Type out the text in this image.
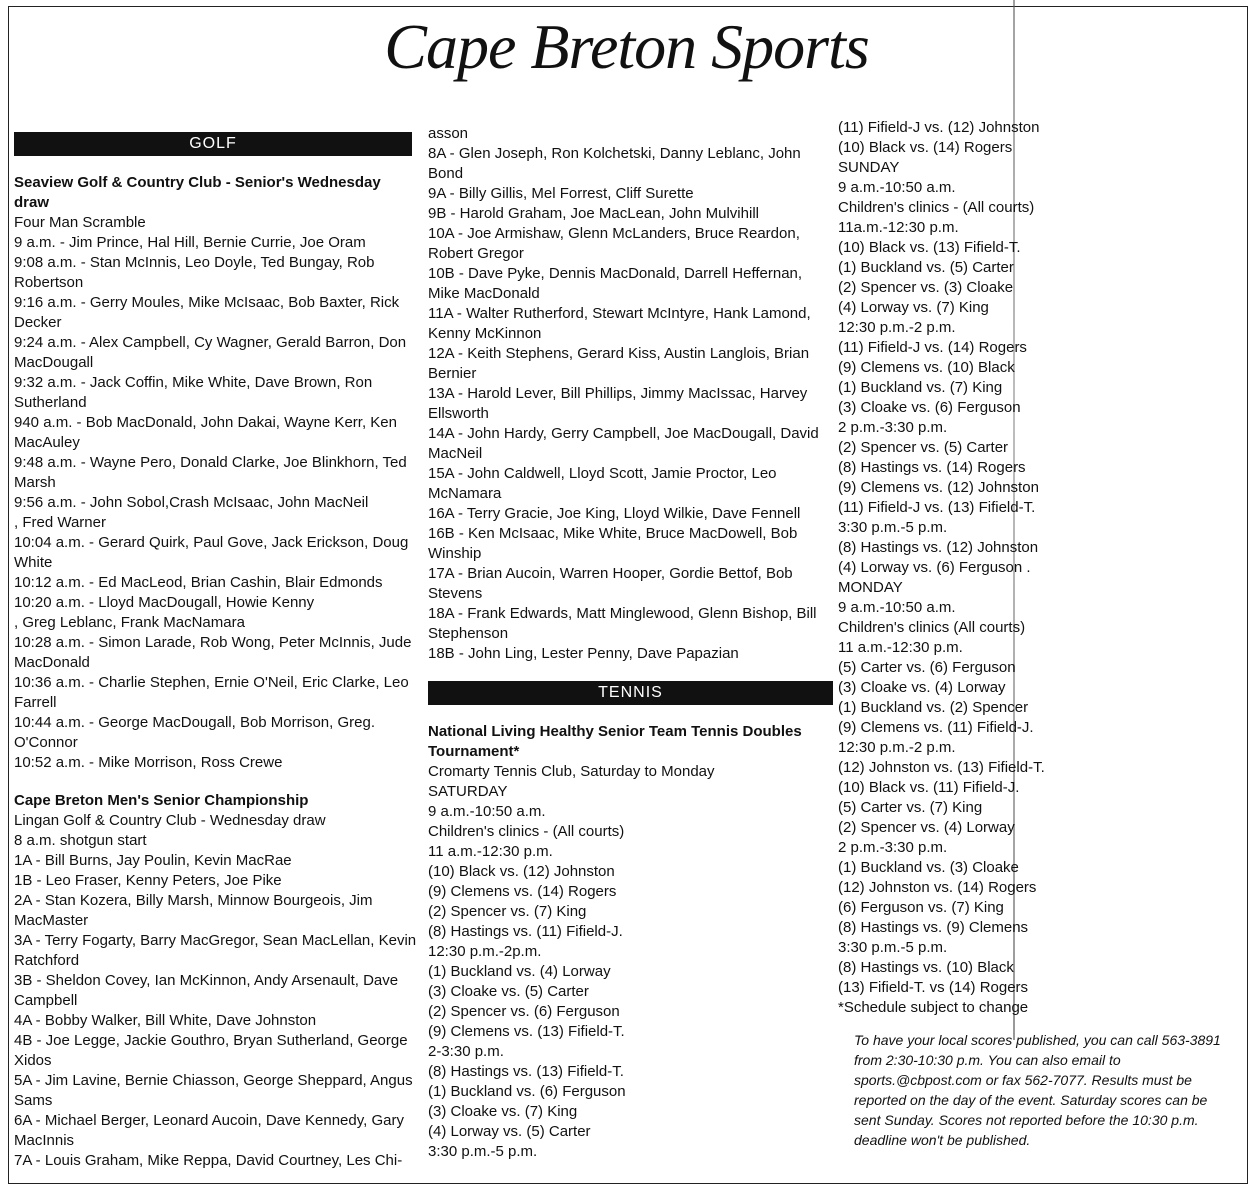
Cape Breton Sports
GOLF
Seaview Golf & Country Club - Senior's Wednesday
draw
Four Man Scramble
9 a.m. - Jim Prince, Hal Hill, Bernie Currie, Joe Oram
9:08 a.m. - Stan McInnis, Leo Doyle, Ted Bungay, Rob
Robertson
9:16 a.m. - Gerry Moules, Mike McIsaac, Bob Baxter, Rick
Decker
9:24 a.m. - Alex Campbell, Cy Wagner, Gerald Barron, Don
MacDougall
9:32 a.m. - Jack Coffin, Mike White, Dave Brown, Ron
Sutherland
940 a.m. - Bob MacDonald, John Dakai, Wayne Kerr, Ken
MacAuley
9:48 a.m. - Wayne Pero, Donald Clarke, Joe Blinkhorn, Ted
Marsh
9:56 a.m. - John Sobol,Crash McIsaac, John MacNeil
, Fred Warner
10:04 a.m. - Gerard Quirk, Paul Gove, Jack Erickson, Doug
White
10:12 a.m. - Ed MacLeod, Brian Cashin, Blair Edmonds
10:20 a.m. - Lloyd MacDougall, Howie Kenny
, Greg Leblanc, Frank MacNamara
10:28 a.m. - Simon Larade, Rob Wong, Peter McInnis, Jude
MacDonald
10:36 a.m. - Charlie Stephen, Ernie O'Neil, Eric Clarke, Leo
Farrell
10:44 a.m. - George MacDougall, Bob Morrison, Greg.
O'Connor
10:52 a.m. - Mike Morrison, Ross Crewe
Cape Breton Men's Senior Championship
Lingan Golf & Country Club - Wednesday draw
8 a.m. shotgun start
1A - Bill Burns, Jay Poulin, Kevin MacRae
1B - Leo Fraser, Kenny Peters, Joe Pike
2A - Stan Kozera, Billy Marsh, Minnow Bourgeois, Jim
MacMaster
3A - Terry Fogarty, Barry MacGregor, Sean MacLellan, Kevin
Ratchford
3B - Sheldon Covey, Ian McKinnon, Andy Arsenault, Dave
Campbell
4A - Bobby Walker, Bill White, Dave Johnston
4B - Joe Legge, Jackie Gouthro, Bryan Sutherland, George
Xidos
5A - Jim Lavine, Bernie Chiasson, George Sheppard, Angus
Sams
6A - Michael Berger, Leonard Aucoin, Dave Kennedy, Gary
MacInnis
7A - Louis Graham, Mike Reppa, David Courtney, Les Chi-
asson
8A - Glen Joseph, Ron Kolchetski, Danny Leblanc, John
Bond
9A - Billy Gillis, Mel Forrest, Cliff Surette
9B - Harold Graham, Joe MacLean, John Mulvihill
10A - Joe Armishaw, Glenn McLanders, Bruce Reardon,
Robert Gregor
10B - Dave Pyke, Dennis MacDonald, Darrell Heffernan,
Mike MacDonald
11A - Walter Rutherford, Stewart McIntyre, Hank Lamond,
Kenny McKinnon
12A - Keith Stephens, Gerard Kiss, Austin Langlois, Brian
Bernier
13A - Harold Lever, Bill Phillips, Jimmy MacIssac, Harvey
Ellsworth
14A - John Hardy, Gerry Campbell, Joe MacDougall, David
MacNeil
15A - John Caldwell, Lloyd Scott, Jamie Proctor, Leo
McNamara
16A - Terry Gracie, Joe King, Lloyd Wilkie, Dave Fennell
16B - Ken McIsaac, Mike White, Bruce MacDowell, Bob
Winship
17A - Brian Aucoin, Warren Hooper, Gordie Bettof, Bob
Stevens
18A - Frank Edwards, Matt Minglewood, Glenn Bishop, Bill
Stephenson
18B - John Ling, Lester Penny, Dave Papazian
TENNIS
National Living Healthy Senior Team Tennis Doubles
Tournament*
Cromarty Tennis Club, Saturday to Monday
SATURDAY
9 a.m.-10:50 a.m.
Children's clinics - (All courts)
11 a.m.-12:30 p.m.
(10) Black vs. (12) Johnston
(9) Clemens vs. (14) Rogers
(2) Spencer vs. (7) King
(8) Hastings vs. (11) Fifield-J.
12:30 p.m.-2p.m.
(1) Buckland vs. (4) Lorway
(3) Cloake vs. (5) Carter
(2) Spencer vs. (6) Ferguson
(9) Clemens vs. (13) Fifield-T.
2-3:30 p.m.
(8) Hastings vs. (13) Fifield-T.
(1) Buckland vs. (6) Ferguson
(3) Cloake vs. (7) King
(4) Lorway vs. (5) Carter
3:30 p.m.-5 p.m.
(11) Fifield-J vs. (12) Johnston
(10) Black vs. (14) Rogers
SUNDAY
9 a.m.-10:50 a.m.
Children's clinics - (All courts)
11a.m.-12:30 p.m.
(10) Black vs. (13) Fifield-T.
(1) Buckland vs. (5) Carter
(2) Spencer vs. (3) Cloake
(4) Lorway vs. (7) King
12:30 p.m.-2 p.m.
(11) Fifield-J vs. (14) Rogers
(9) Clemens vs. (10) Black
(1) Buckland vs. (7) King
(3) Cloake vs. (6) Ferguson
2 p.m.-3:30 p.m.
(2) Spencer vs. (5) Carter
(8) Hastings vs. (14) Rogers
(9) Clemens vs. (12) Johnston
(11) Fifield-J vs. (13) Fifield-T.
3:30 p.m.-5 p.m.
(8) Hastings vs. (12) Johnston
(4) Lorway vs. (6) Ferguson .
MONDAY
9 a.m.-10:50 a.m.
Children's clinics (All courts)
11 a.m.-12:30 p.m.
(5) Carter vs. (6) Ferguson
(3) Cloake vs. (4) Lorway
(1) Buckland vs. (2) Spencer
(9) Clemens vs. (11) Fifield-J.
12:30 p.m.-2 p.m.
(12) Johnston vs. (13) Fifield-T.
(10) Black vs. (11) Fifield-J.
(5) Carter vs. (7) King
(2) Spencer vs. (4) Lorway
2 p.m.-3:30 p.m.
(1) Buckland vs. (3) Cloake
(12) Johnston vs. (14) Rogers
(6) Ferguson vs. (7) King
(8) Hastings vs. (9) Clemens
3:30 p.m.-5 p.m.
(8) Hastings vs. (10) Black
(13) Fifield-T. vs (14) Rogers
*Schedule subject to change
To have your local scores published, you can call 563-3891
from 2:30-10:30 p.m. You can also email to
sports.@cbpost.com or fax 562-7077. Results must be
reported on the day of the event. Saturday scores can be
sent Sunday. Scores not reported before the 10:30 p.m.
deadline won't be published.
